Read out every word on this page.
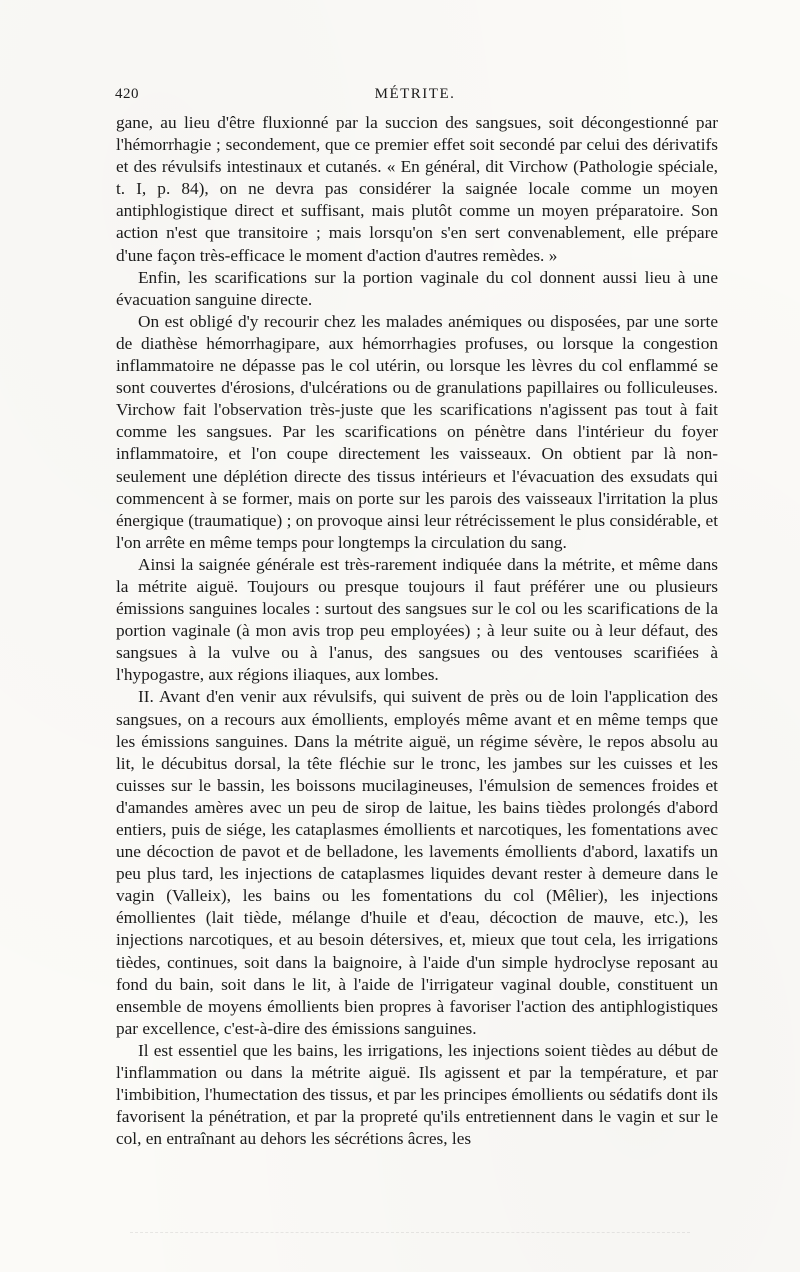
420	MÉTRITE.

gane, au lieu d'être fluxionné par la succion des sangsues, soit décongestionné par l'hémorrhagie ; secondement, que ce premier effet soit secondé par celui des dérivatifs et des révulsifs intestinaux et cutanés. « En général, dit Virchow (Pathologie spéciale, t. I, p. 84), on ne devra pas considérer la saignée locale comme un moyen antiphlogistique direct et suffisant, mais plutôt comme un moyen préparatoire. Son action n'est que transitoire ; mais lorsqu'on s'en sert convenablement, elle prépare d'une façon très-efficace le moment d'action d'autres remèdes. »

Enfin, les scarifications sur la portion vaginale du col donnent aussi lieu à une évacuation sanguine directe.

On est obligé d'y recourir chez les malades anémiques ou disposées, par une sorte de diathèse hémorrhagipare, aux hémorrhagies profuses, ou lorsque la congestion inflammatoire ne dépasse pas le col utérin, ou lorsque les lèvres du col enflammé se sont couvertes d'érosions, d'ulcérations ou de granulations papillaires ou folliculeuses. Virchow fait l'observation très-juste que les scarifications n'agissent pas tout à fait comme les sangsues. Par les scarifications on pénètre dans l'intérieur du foyer inflammatoire, et l'on coupe directement les vaisseaux. On obtient par là non-seulement une déplétion directe des tissus intérieurs et l'évacuation des exsudats qui commencent à se former, mais on porte sur les parois des vaisseaux l'irritation la plus énergique (traumatique) ; on provoque ainsi leur rétrécissement le plus considérable, et l'on arrête en même temps pour longtemps la circulation du sang.

Ainsi la saignée générale est très-rarement indiquée dans la métrite, et même dans la métrite aiguë. Toujours ou presque toujours il faut préférer une ou plusieurs émissions sanguines locales : surtout des sangsues sur le col ou les scarifications de la portion vaginale (à mon avis trop peu employées) ; à leur suite ou à leur défaut, des sangsues à la vulve ou à l'anus, des sangsues ou des ventouses scarifiées à l'hypogastre, aux régions iliaques, aux lombes.

II. Avant d'en venir aux révulsifs, qui suivent de près ou de loin l'application des sangsues, on a recours aux émollients, employés même avant et en même temps que les émissions sanguines. Dans la métrite aiguë, un régime sévère, le repos absolu au lit, le décubitus dorsal, la tête fléchie sur le tronc, les jambes sur les cuisses et les cuisses sur le bassin, les boissons mucilagineuses, l'émulsion de semences froides et d'amandes amères avec un peu de sirop de laitue, les bains tièdes prolongés d'abord entiers, puis de siége, les cataplasmes émollients et narcotiques, les fomentations avec une décoction de pavot et de belladone, les lavements émollients d'abord, laxatifs un peu plus tard, les injections de cataplasmes liquides devant rester à demeure dans le vagin (Valleix), les bains ou les fomentations du col (Mêlier), les injections émollientes (lait tiède, mélange d'huile et d'eau, décoction de mauve, etc.), les injections narcotiques, et au besoin détersives, et, mieux que tout cela, les irrigations tièdes, continues, soit dans la baignoire, à l'aide d'un simple hydroclyse reposant au fond du bain, soit dans le lit, à l'aide de l'irrigateur vaginal double, constituent un ensemble de moyens émollients bien propres à favoriser l'action des antiphlogistiques par excellence, c'est-à-dire des émissions sanguines.

Il est essentiel que les bains, les irrigations, les injections soient tièdes au début de l'inflammation ou dans la métrite aiguë. Ils agissent et par la température, et par l'imbibition, l'humectation des tissus, et par les principes émollients ou sédatifs dont ils favorisent la pénétration, et par la propreté qu'ils entretiennent dans le vagin et sur le col, en entraînant au dehors les sécrétions âcres, les
